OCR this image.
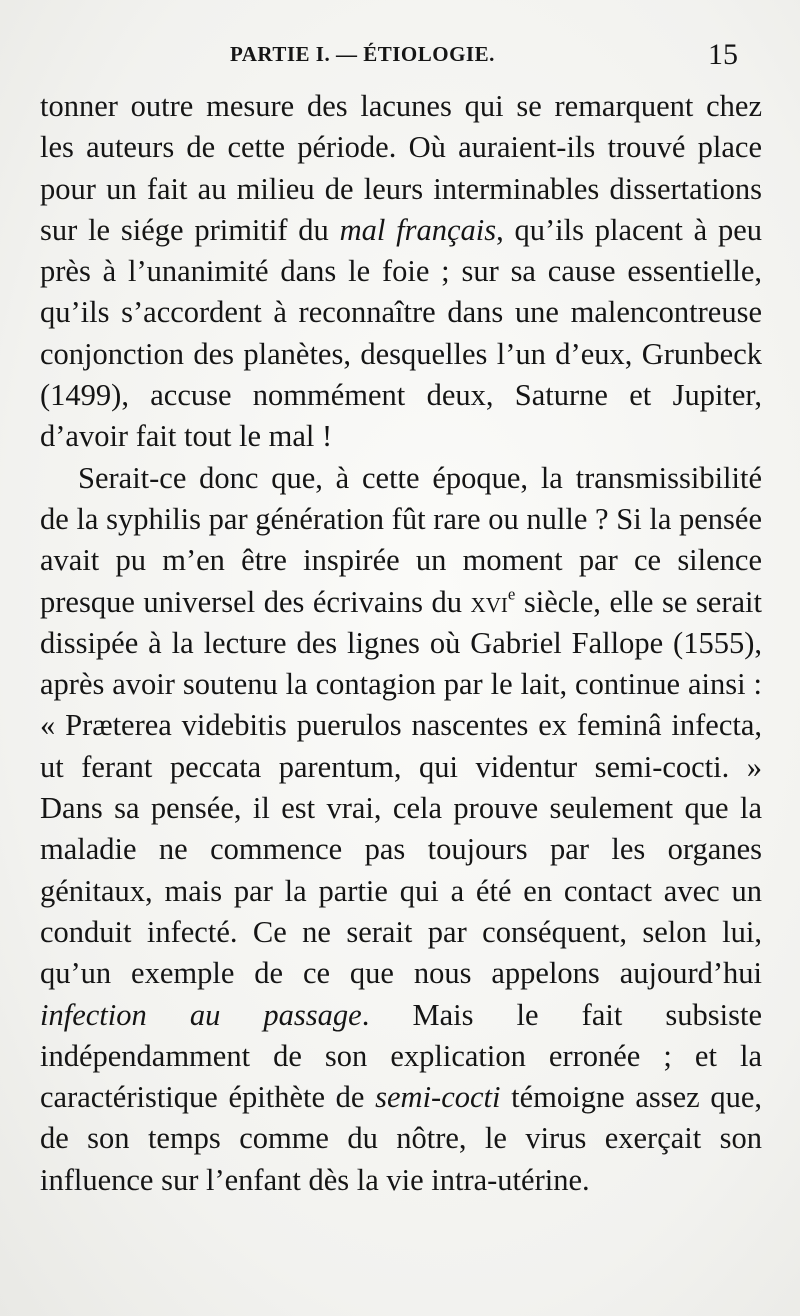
PARTIE I. — ÉTIOLOGIE.	15

tonner outre mesure des lacunes qui se remarquent chez les auteurs de cette période. Où auraient-ils trouvé place pour un fait au milieu de leurs interminables dissertations sur le siége primitif du mal français, qu’ils placent à peu près à l’unanimité dans le foie ; sur sa cause essentielle, qu’ils s’accordent à reconnaître dans une malencontreuse conjonction des planètes, desquelles l’un d’eux, Grunbeck (1499), accuse nommément deux, Saturne et Jupiter, d’avoir fait tout le mal !

Serait-ce donc que, à cette époque, la transmissibilité de la syphilis par génération fût rare ou nulle ? Si la pensée avait pu m’en être inspirée un moment par ce silence presque universel des écrivains du xvi$^e$ siècle, elle se serait dissipée à la lecture des lignes où Gabriel Fallope (1555), après avoir soutenu la contagion par le lait, continue ainsi : « Præterea videbitis puerulos nascentes ex feminâ infecta, ut ferant peccata parentum, qui videntur semi-cocti. » Dans sa pensée, il est vrai, cela prouve seulement que la maladie ne commence pas toujours par les organes génitaux, mais par la partie qui a été en contact avec un conduit infecté. Ce ne serait par conséquent, selon lui, qu’un exemple de ce que nous appelons aujourd’hui infection au passage. Mais le fait subsiste indépendamment de son explication erronée ; et la caractéristique épithète de semi-cocti témoigne assez que, de son temps comme du nôtre, le virus exerçait son influence sur l’enfant dès la vie intra-utérine.
